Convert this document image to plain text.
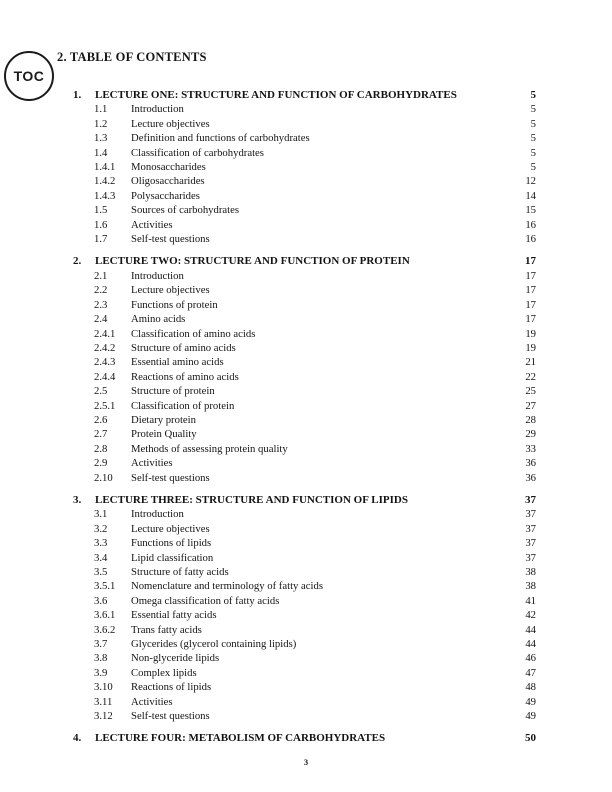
TOC
2. TABLE OF CONTENTS
1.	LECTURE ONE: STRUCTURE AND FUNCTION OF CARBOHYDRATES	5
1.1	Introduction	5
1.2	Lecture objectives	5
1.3	Definition and functions of carbohydrates	5
1.4	Classification of carbohydrates	5
1.4.1	Monosaccharides	5
1.4.2	Oligosaccharides	12
1.4.3	Polysaccharides	14
1.5	Sources of carbohydrates	15
1.6	Activities	16
1.7	Self-test questions	16
2.	LECTURE TWO: STRUCTURE AND FUNCTION OF PROTEIN	17
2.1	Introduction	17
2.2	Lecture objectives	17
2.3	Functions of protein	17
2.4	Amino acids	17
2.4.1	Classification of amino acids	19
2.4.2	Structure of amino acids	19
2.4.3	Essential amino acids	21
2.4.4	Reactions of amino acids	22
2.5	Structure of protein	25
2.5.1	Classification of protein	27
2.6	Dietary protein	28
2.7	Protein Quality	29
2.8	Methods of assessing protein quality	33
2.9	Activities	36
2.10	Self-test questions	36
3.	LECTURE THREE: STRUCTURE AND FUNCTION OF LIPIDS	37
3.1	Introduction	37
3.2	Lecture objectives	37
3.3	Functions of lipids	37
3.4	Lipid classification	37
3.5	Structure of fatty acids	38
3.5.1	Nomenclature and terminology of fatty acids	38
3.6	Omega classification of fatty acids	41
3.6.1	Essential fatty acids	42
3.6.2	Trans fatty acids	44
3.7	Glycerides (glycerol containing lipids)	44
3.8	Non-glyceride lipids	46
3.9	Complex lipids	47
3.10	Reactions of lipids	48
3.11	Activities	49
3.12	Self-test questions	49
4.	LECTURE FOUR: METABOLISM OF CARBOHYDRATES	50
3
